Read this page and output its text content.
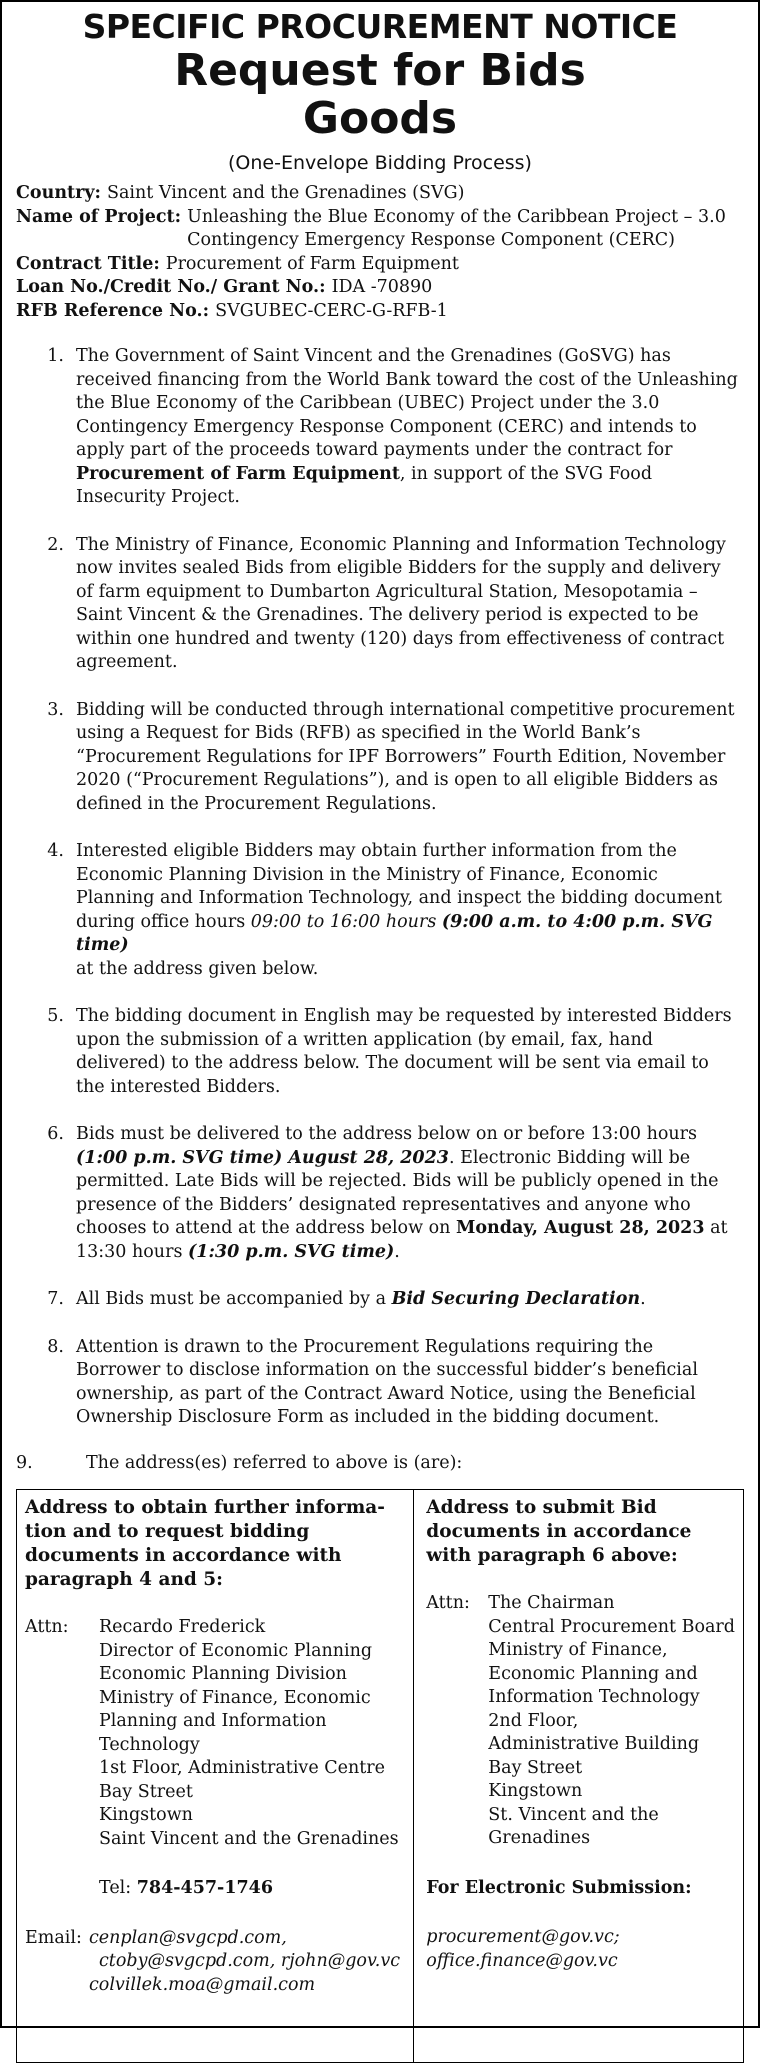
SPECIFIC PROCUREMENT NOTICE
Request for Bids
Goods
(One-Envelope Bidding Process)
Country: Saint Vincent and the Grenadines (SVG)
Name of Project: Unleashing the Blue Economy of the Caribbean Project – 3.0
Contingency Emergency Response Component (CERC)
Contract Title: Procurement of Farm Equipment
Loan No./Credit No./ Grant No.: IDA -70890
RFB Reference No.: SVGUBEC-CERC-G-RFB-1
1. The Government of Saint Vincent and the Grenadines (GoSVG) has received financing from the World Bank toward the cost of the Unleashing the Blue Economy of the Caribbean (UBEC) Project under the 3.0 Contingency Emergency Response Component (CERC) and intends to apply part of the proceeds toward payments under the contract for Procurement of Farm Equipment, in support of the SVG Food Insecurity Project.
2. The Ministry of Finance, Economic Planning and Information Technology now invites sealed Bids from eligible Bidders for the supply and delivery of farm equipment to Dumbarton Agricultural Station, Mesopotamia – Saint Vincent & the Grenadines. The delivery period is expected to be within one hundred and twenty (120) days from effectiveness of contract agreement.
3. Bidding will be conducted through international competitive procurement using a Request for Bids (RFB) as specified in the World Bank’s “Procurement Regulations for IPF Borrowers” Fourth Edition, November 2020 (“Procurement Regulations”), and is open to all eligible Bidders as defined in the Procurement Regulations.
4. Interested eligible Bidders may obtain further information from the Economic Planning Division in the Ministry of Finance, Economic Planning and Information Technology, and inspect the bidding document during office hours 09:00 to 16:00 hours (9:00 a.m. to 4:00 p.m. SVG time)
at the address given below.
5. The bidding document in English may be requested by interested Bidders upon the submission of a written application (by email, fax, hand delivered) to the address below. The document will be sent via email to the interested Bidders.
6. Bids must be delivered to the address below on or before 13:00 hours
(1:00 p.m. SVG time) August 28, 2023. Electronic Bidding will be permitted. Late Bids will be rejected. Bids will be publicly opened in the presence of the Bidders’ designated representatives and anyone who chooses to attend at the address below on Monday, August 28, 2023 at 13:30 hours (1:30 p.m. SVG time).
7. All Bids must be accompanied by a Bid Securing Declaration.
8. Attention is drawn to the Procurement Regulations requiring the Borrower to disclose information on the successful bidder’s beneficial ownership, as part of the Contract Award Notice, using the Beneficial Ownership Disclosure Form as included in the bidding document.
9.	The address(es) referred to above is (are):
Address to obtain further informa-
tion and to request bidding
documents in accordance with
paragraph 4 and 5:
Attn:	Recardo Frederick
Director of Economic Planning
Economic Planning Division
Ministry of Finance, Economic
Planning and Information
Technology
1st Floor, Administrative Centre
Bay Street
Kingstown
Saint Vincent and the Grenadines
Tel: 784-457-1746
Email: cenplan@svgcpd.com,
ctoby@svgcpd.com, rjohn@gov.vc
colvillek.moa@gmail.com
Address to submit Bid
documents in accordance
with paragraph 6 above:
Attn:	The Chairman
Central Procurement Board
Ministry of Finance,
Economic Planning and
Information Technology
2nd Floor,
Administrative Building
Bay Street
Kingstown
St. Vincent and the
Grenadines
For Electronic Submission:
procurement@gov.vc;
office.finance@gov.vc
